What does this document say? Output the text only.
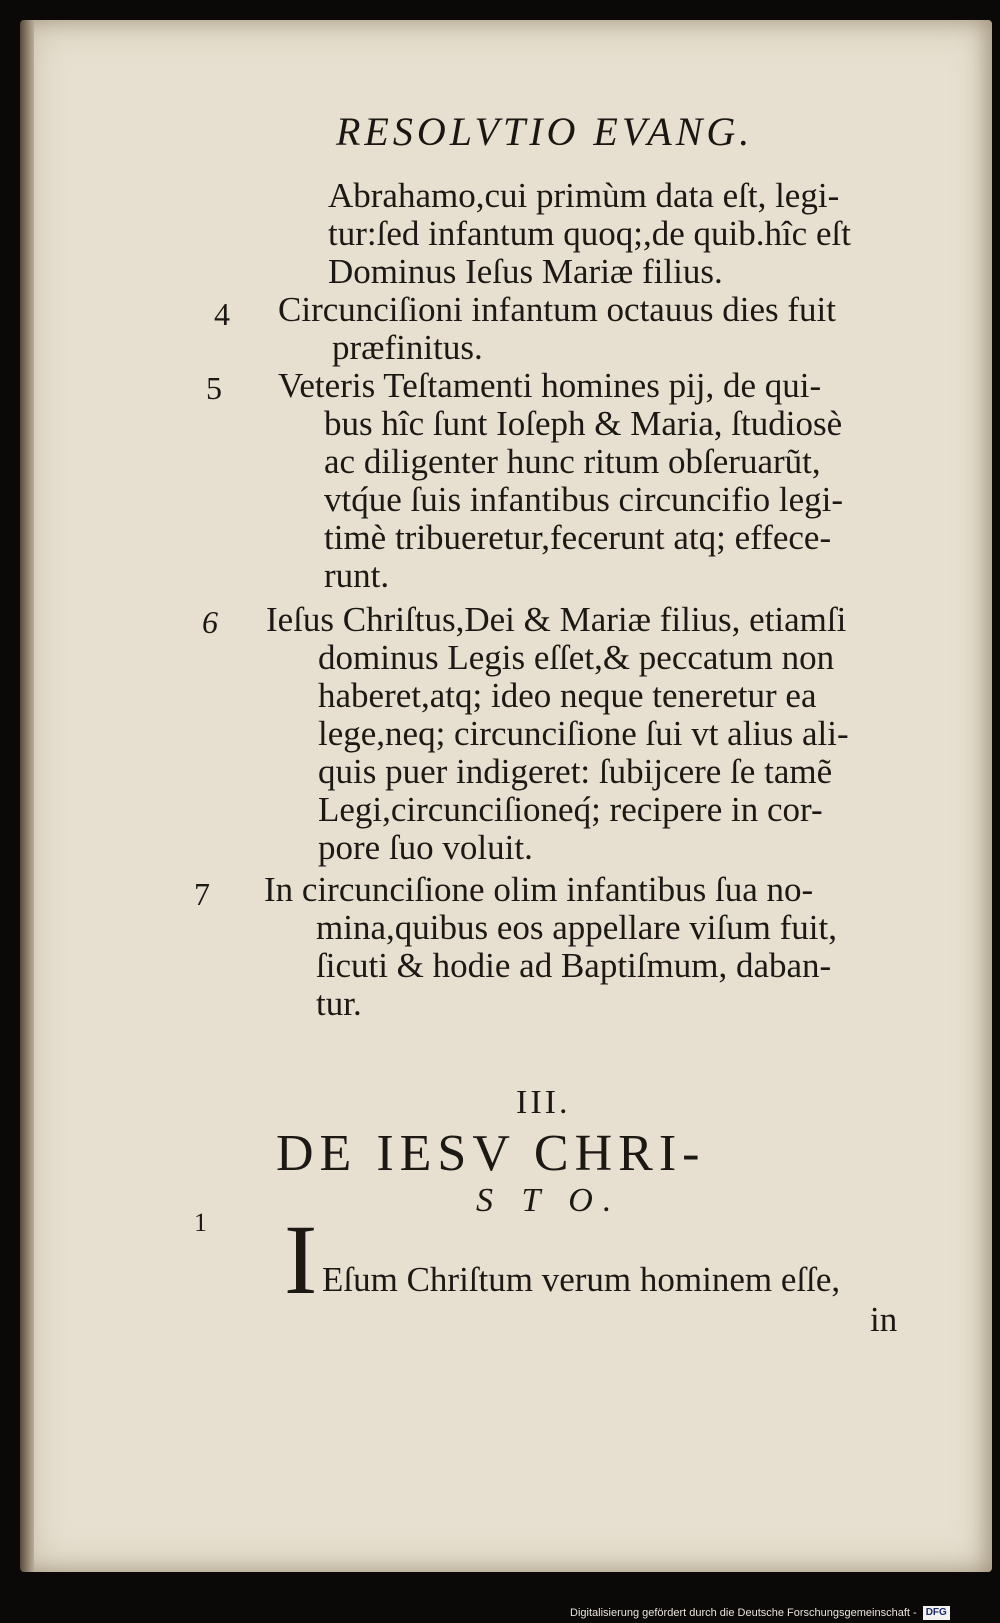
RESOLVTIO EVANG.
Abrahamo,cui primùm data eſt, legi-
tur:ſed infantum quoq;,de quib.hîc eſt
Dominus Ieſus Mariæ filius.
4 Circunciſioni infantum octauus dies fuit
præfinitus.
5 Veteris Teſtamenti homines pij, de qui-
bus hîc ſunt Ioſeph & Maria, ſtudiosè
ac diligenter hunc ritum obſeruarũt,
vtq́ue ſuis infantibus circuncifio legi-
timè tribueretur,fecerunt atq; effece-
runt.
6 Ieſus Chriſtus,Dei & Mariæ filius, etiamſi
dominus Legis eſſet,& peccatum non
haberet,atq; ideo neque teneretur ea
lege,neq; circunciſione ſui vt alius ali-
quis puer indigeret: ſubijcere ſe tamẽ
Legi,circunciſioneq́; recipere in cor-
pore ſuo voluit.
7 In circunciſione olim infantibus ſua no-
mina,quibus eos appellare viſum fuit,
ſicuti & hodie ad Baptiſmum, daban-
tur.
III.
DE IESV CHRI-
S T O.
1 I Eſum Chriſtum verum hominem eſſe,
in
Digitalisierung gefördert durch die Deutsche Forschungsgemeinschaft - DFG
